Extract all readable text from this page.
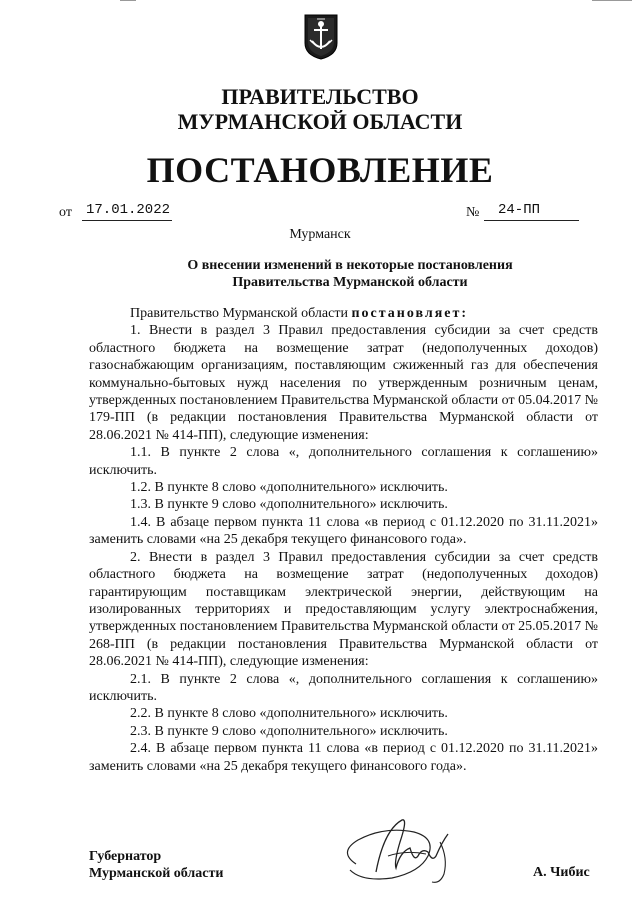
ПРАВИТЕЛЬСТВО
МУРМАНСКОЙ ОБЛАСТИ
ПОСТАНОВЛЕНИЕ
от 17.01.2022	№ 24-ПП
Мурманск
О внесении изменений в некоторые постановления
Правительства Мурманской области

Правительство Мурманской области постановляет:

1. Внести в раздел 3 Правил предоставления субсидии за счет средств областного бюджета на возмещение затрат (недополученных доходов) газоснабжающим организациям, поставляющим сжиженный газ для обеспечения коммунально-бытовых нужд населения по утвержденным розничным ценам, утвержденных постановлением Правительства Мурманской области от 05.04.2017 № 179-ПП (в редакции постановления Правительства Мурманской области от 28.06.2021 № 414-ПП), следующие изменения:

1.1. В пункте 2 слова «, дополнительного соглашения к соглашению» исключить.

1.2. В пункте 8 слово «дополнительного» исключить.

1.3. В пункте 9 слово «дополнительного» исключить.

1.4. В абзаце первом пункта 11 слова «в период с 01.12.2020 по 31.11.2021» заменить словами «на 25 декабря текущего финансового года».

2. Внести в раздел 3 Правил предоставления субсидии за счет средств областного бюджета на возмещение затрат (недополученных доходов) гарантирующим поставщикам электрической энергии, действующим на изолированных территориях и предоставляющим услугу электроснабжения, утвержденных постановлением Правительства Мурманской области от 25.05.2017 № 268-ПП (в редакции постановления Правительства Мурманской области от 28.06.2021 № 414-ПП), следующие изменения:

2.1. В пункте 2 слова «, дополнительного соглашения к соглашению» исключить.

2.2. В пункте 8 слово «дополнительного» исключить.

2.3. В пункте 9 слово «дополнительного» исключить.

2.4. В абзаце первом пункта 11 слова «в период с 01.12.2020 по 31.11.2021» заменить словами «на 25 декабря текущего финансового года».

Губернатор
Мурманской области	А. Чибис
